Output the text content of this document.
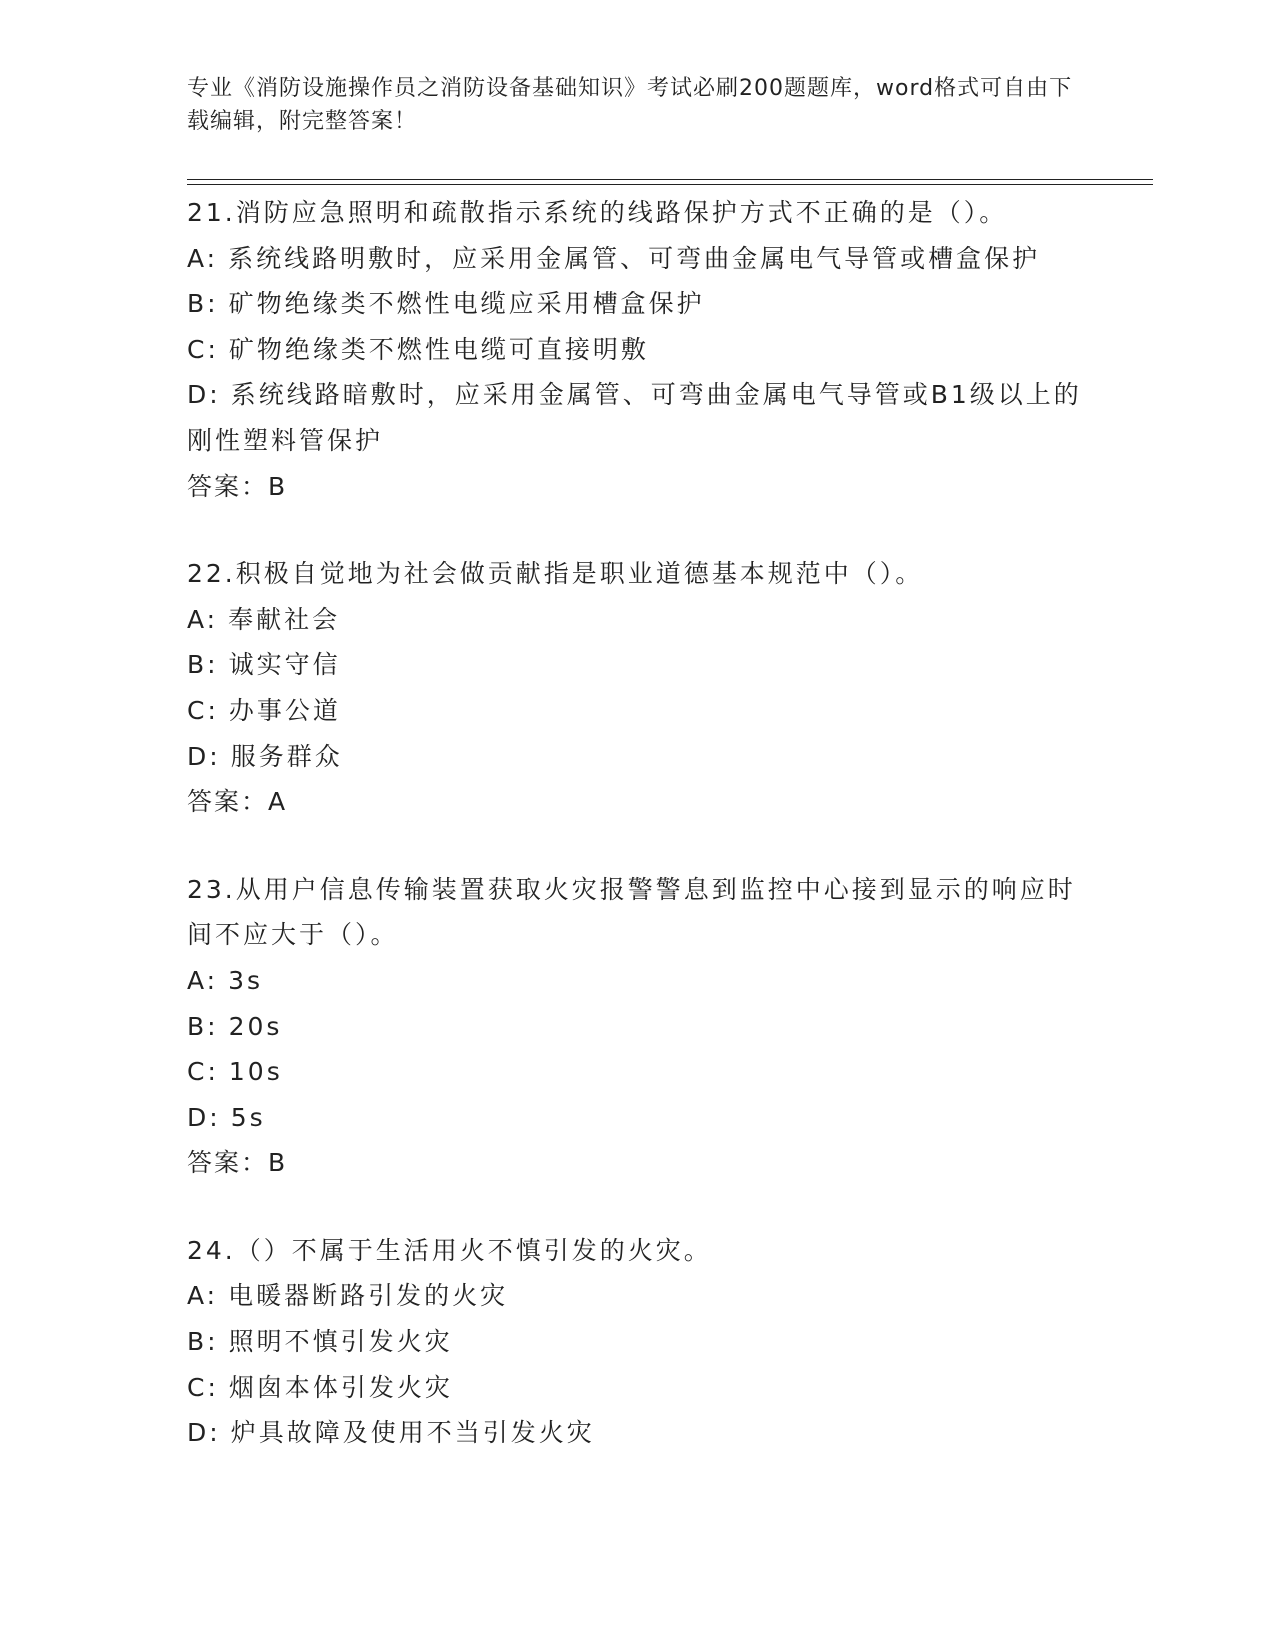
专业《消防设施操作员之消防设备基础知识》考试必刷200题题库，word格式可自由下载编辑，附完整答案！
21.消防应急照明和疏散指示系统的线路保护方式不正确的是（）。
A: 系统线路明敷时，应采用金属管、可弯曲金属电气导管或槽盒保护
B: 矿物绝缘类不燃性电缆应采用槽盒保护
C: 矿物绝缘类不燃性电缆可直接明敷
D: 系统线路暗敷时，应采用金属管、可弯曲金属电气导管或B1级以上的刚性塑料管保护
答案：B
22.积极自觉地为社会做贡献指是职业道德基本规范中（）。
A: 奉献社会
B: 诚实守信
C: 办事公道
D: 服务群众
答案：A
23.从用户信息传输装置获取火灾报警警息到监控中心接到显示的响应时间不应大于（）。
A: 3s
B: 20s
C: 10s
D: 5s
答案：B
24.（）不属于生活用火不慎引发的火灾。
A: 电暖器断路引发的火灾
B: 照明不慎引发火灾
C: 烟囱本体引发火灾
D: 炉具故障及使用不当引发火灾
